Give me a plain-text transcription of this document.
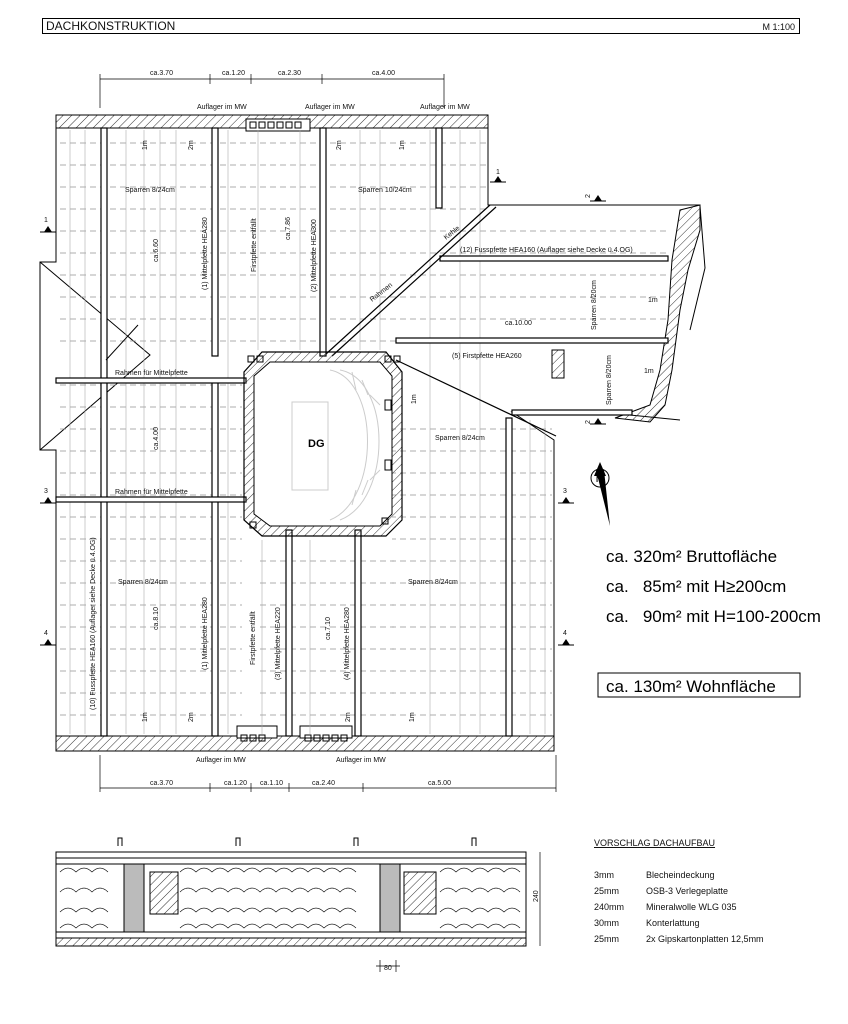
DACHKONSTRUKTION	M 1:100
ca.3.70	ca.1.20	ca.2.30	ca.4.00
Auflager im MW	Auflager im MW	Auflager im MW
Auflager im MW	Auflager im MW
ca.3.70	ca.1.20 ca.1.10	ca.2.40	ca.5.00
DG
Sparren 8/24cm	Sparren 10/24cm
Sparren 8/24cm
Sparren 8/24cm	Sparren 8/24cm
(1) Mittelpfette HEA280	(2) Mittelpfette HEA300
Firstpfette entfällt
(1) Mittelpfette HEA280	Firstpfette entfällt	(3) Mittelpfette HEA220	(4) Mittelpfette HEA280
(10) Fusspfette HEA160 (Auflager siehe Decke ü.4.OG)
(12) Fusspfette HEA160 (Auflager siehe Decke ü.4.OG)
(5) Firstpfette HEA260
Sparren 8/20cm
Sparren 8/20cm
Rahmen für Mittelpfette
Rahmen für Mittelpfette
Rahmen
Kehle
ca.10.00
ca.6.60
ca.4.00
ca.7.86
ca.8.10	ca.7.10
1m	2m	2m	1m
1m	2m	2m	1m
1m
1m
1m
1
1
2
2
3	3
4	4
N
ca. 320m² Bruttofläche
ca.   85m² mit H≥200cm
ca.   90m² mit H=100-200cm
ca. 130m² Wohnfläche
240
80
VORSCHLAG DACHAUFBAU
3mm	Blecheindeckung
25mm	OSB-3 Verlegeplatte
240mm Mineralwolle WLG 035
30mm	Konterlattung
25mm	2x Gipskartonplatten 12,5mm
